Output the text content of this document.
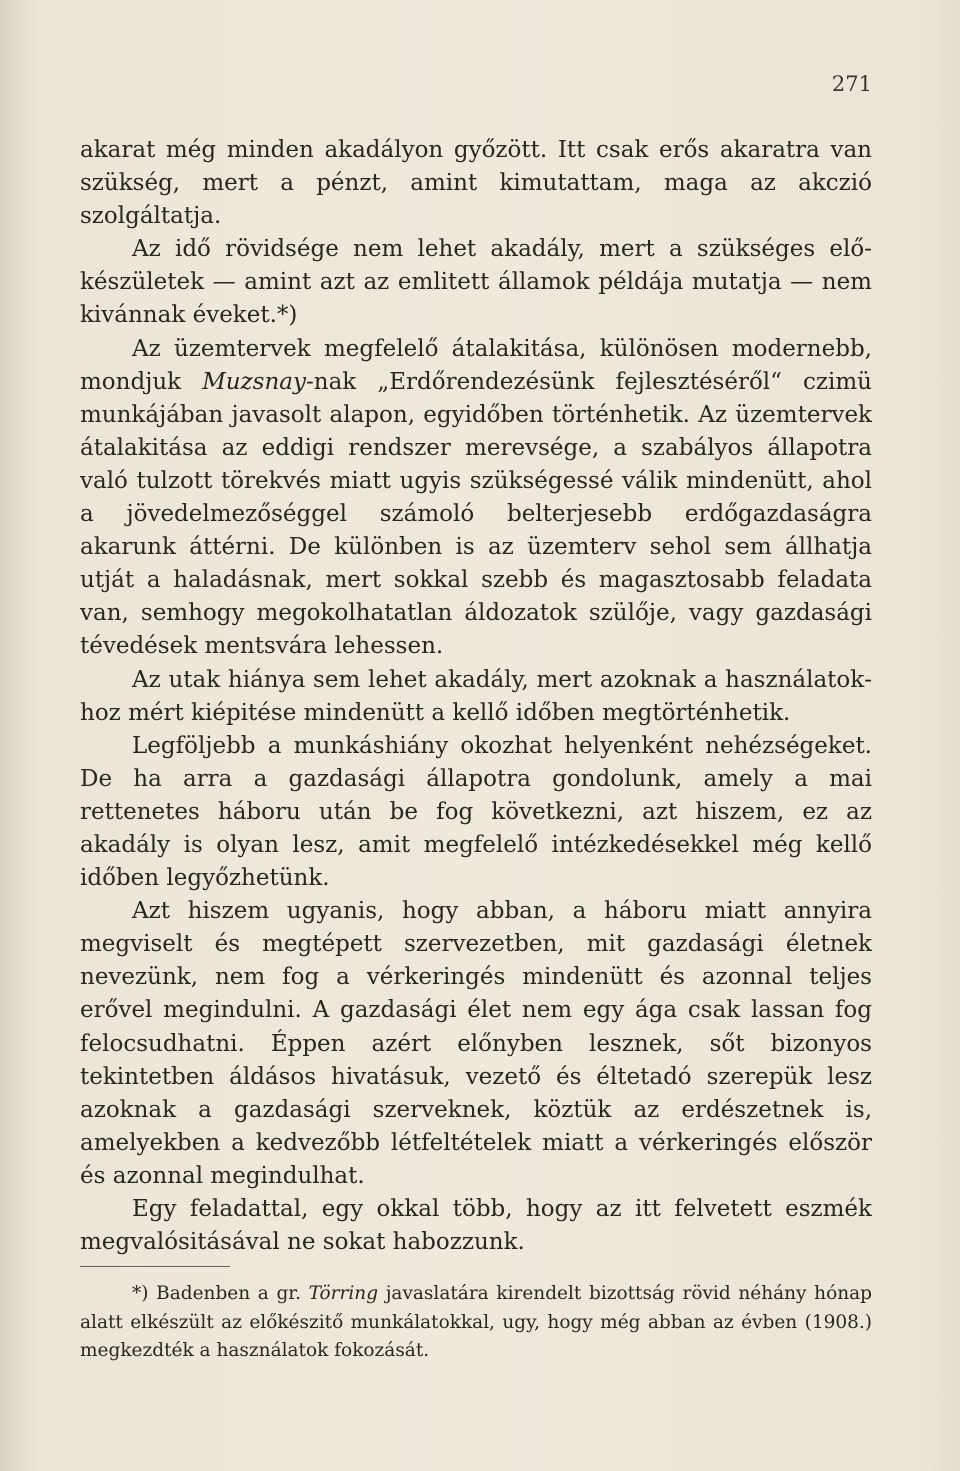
271

akarat még minden akadályon győzött. Itt csak erős akaratra van szükség, mert a pénzt, amint kimutattam, maga az akczió szolgáltatja.

Az idő rövidsége nem lehet akadály, mert a szükséges előkészületek — amint azt az emlitett államok példája mutatja — nem kivánnak éveket.*)

Az üzemtervek megfelelő átalakitása, különösen modernebb, mondjuk Muzsnay-nak „Erdőrendezésünk fejlesztéséről“ czimü munkájában javasolt alapon, egyidőben történhetik. Az üzemtervek átalakitása az eddigi rendszer merevsége, a szabályos állapotra való tulzott törekvés miatt ugyis szükségessé válik mindenütt, ahol a jövedelmezőséggel számoló belterjesebb erdőgazdaságra akarunk áttérni. De különben is az üzemterv sehol sem állhatja utját a haladásnak, mert sokkal szebb és magasztosabb feladata van, semhogy megokolhatatlan áldozatok szülője, vagy gazdasági tévedések mentsvára lehessen.

Az utak hiánya sem lehet akadály, mert azoknak a használatokhoz mért kiépitése mindenütt a kellő időben megtörténhetik.

Legföljebb a munkáshiány okozhat helyenként nehézségeket. De ha arra a gazdasági állapotra gondolunk, amely a mai rettenetes háboru után be fog következni, azt hiszem, ez az akadály is olyan lesz, amit megfelelő intézkedésekkel még kellő időben legyőzhetünk.

Azt hiszem ugyanis, hogy abban, a háboru miatt annyira megviselt és megtépett szervezetben, mit gazdasági életnek nevezünk, nem fog a vérkeringés mindenütt és azonnal teljes erővel megindulni. A gazdasági élet nem egy ága csak lassan fog felocsudhatni. Éppen azért előnyben lesznek, sőt bizonyos tekintetben áldásos hivatásuk, vezető és éltetadó szerepük lesz azoknak a gazdasági szerveknek, köztük az erdészetnek is, amelyekben a kedvezőbb létfeltételek miatt a vérkeringés először és azonnal megindulhat.

Egy feladattal, egy okkal több, hogy az itt felvetett eszmék megvalósitásával ne sokat habozzunk.

*) Badenben a gr. Törring javaslatára kirendelt bizottság rövid néhány hónap alatt elkészült az előkészitő munkálatokkal, ugy, hogy még abban az évben (1908.) megkezdték a használatok fokozását.
